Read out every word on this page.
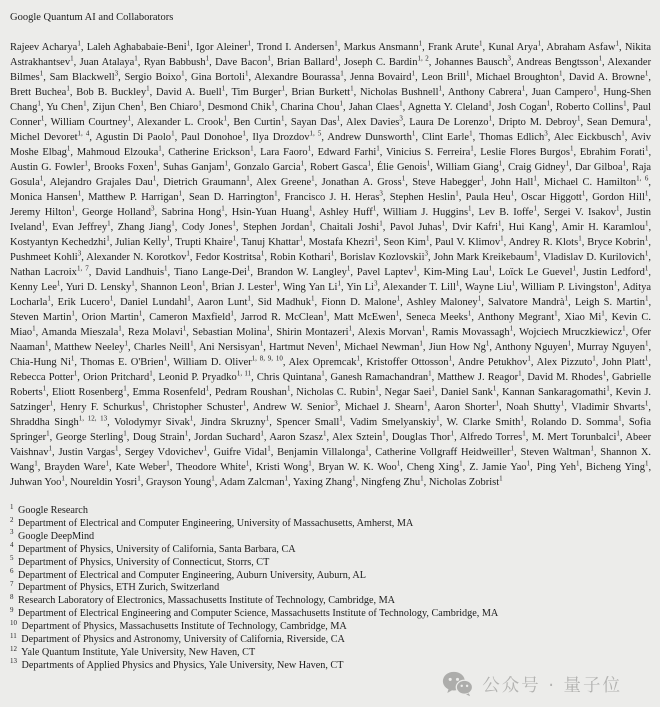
Google Quantum AI and Collaborators

Rajeev Acharya$^1$, Laleh Aghababaie-Beni$^1$, Igor Aleiner$^1$, Trond I. Andersen$^1$, Markus Ansmann$^1$, Frank Arute$^1$, Kunal Arya$^1$, Abraham Asfaw$^1$, Nikita Astrakhantsev$^1$, Juan Atalaya$^1$, Ryan Babbush$^1$, Dave Bacon$^1$, Brian Ballard$^1$, Joseph C. Bardin$^{1, 2}$, Johannes Bausch$^3$, Andreas Bengtsson$^1$, Alexander Bilmes$^1$, Sam Blackwell$^3$, Sergio Boixo$^1$, Gina Bortoli$^1$, Alexandre Bourassa$^1$, Jenna Bovaird$^1$, Leon Brill$^1$, Michael Broughton$^1$, David A. Browne$^1$, Brett Buchea$^1$, Bob B. Buckley$^1$, David A. Buell$^1$, Tim Burger$^1$, Brian Burkett$^1$, Nicholas Bushnell$^1$, Anthony Cabrera$^1$, Juan Campero$^1$, Hung-Shen Chang$^1$, Yu Chen$^1$, Zijun Chen$^1$, Ben Chiaro$^1$, Desmond Chik$^1$, Charina Chou$^1$, Jahan Claes$^1$, Agnetta Y. Cleland$^1$, Josh Cogan$^1$, Roberto Collins$^1$, Paul Conner$^1$, William Courtney$^1$, Alexander L. Crook$^1$, Ben Curtin$^1$, Sayan Das$^1$, Alex Davies$^3$, Laura De Lorenzo$^1$, Dripto M. Debroy$^1$, Sean Demura$^1$, Michel Devoret$^{1, 4}$, Agustin Di Paolo$^1$, Paul Donohoe$^1$, Ilya Drozdov$^{1, 5}$, Andrew Dunsworth$^1$, Clint Earle$^1$, Thomas Edlich$^3$, Alec Eickbusch$^1$, Aviv Moshe Elbag$^1$, Mahmoud Elzouka$^1$, Catherine Erickson$^1$, Lara Faoro$^1$, Edward Farhi$^1$, Vinicius S. Ferreira$^1$, Leslie Flores Burgos$^1$, Ebrahim Forati$^1$, Austin G. Fowler$^1$, Brooks Foxen$^1$, Suhas Ganjam$^1$, Gonzalo Garcia$^1$, Robert Gasca$^1$, Élie Genois$^1$, William Giang$^1$, Craig Gidney$^1$, Dar Gilboa$^1$, Raja Gosula$^1$, Alejandro Grajales Dau$^1$, Dietrich Graumann$^1$, Alex Greene$^1$, Jonathan A. Gross$^1$, Steve Habegger$^1$, John Hall$^1$, Michael C. Hamilton$^{1, 6}$, Monica Hansen$^1$, Matthew P. Harrigan$^1$, Sean D. Harrington$^1$, Francisco J. H. Heras$^3$, Stephen Heslin$^1$, Paula Heu$^1$, Oscar Higgott$^1$, Gordon Hill$^1$, Jeremy Hilton$^1$, George Holland$^3$, Sabrina Hong$^1$, Hsin-Yuan Huang$^1$, Ashley Huff$^1$, William J. Huggins$^1$, Lev B. Ioffe$^1$, Sergei V. Isakov$^1$, Justin Iveland$^1$, Evan Jeffrey$^1$, Zhang Jiang$^1$, Cody Jones$^1$, Stephen Jordan$^1$, Chaitali Joshi$^1$, Pavol Juhas$^1$, Dvir Kafri$^1$, Hui Kang$^1$, Amir H. Karamlou$^1$, Kostyantyn Kechedzhi$^1$, Julian Kelly$^1$, Trupti Khaire$^1$, Tanuj Khattar$^1$, Mostafa Khezri$^1$, Seon Kim$^1$, Paul V. Klimov$^1$, Andrey R. Klots$^1$, Bryce Kobrin$^1$, Pushmeet Kohli$^3$, Alexander N. Korotkov$^1$, Fedor Kostritsa$^1$, Robin Kothari$^1$, Borislav Kozlovskii$^3$, John Mark Kreikebaum$^1$, Vladislav D. Kurilovich$^1$, Nathan Lacroix$^{1, 7}$, David Landhuis$^1$, Tiano Lange-Dei$^1$, Brandon W. Langley$^1$, Pavel Laptev$^1$, Kim-Ming Lau$^1$, Loïck Le Guevel$^1$, Justin Ledford$^1$, Kenny Lee$^1$, Yuri D. Lensky$^1$, Shannon Leon$^1$, Brian J. Lester$^1$, Wing Yan Li$^1$, Yin Li$^3$, Alexander T. Lill$^1$, Wayne Liu$^1$, William P. Livingston$^1$, Aditya Locharla$^1$, Erik Lucero$^1$, Daniel Lundahl$^1$, Aaron Lunt$^1$, Sid Madhuk$^1$, Fionn D. Malone$^1$, Ashley Maloney$^1$, Salvatore Mandrà$^1$, Leigh S. Martin$^1$, Steven Martin$^1$, Orion Martin$^1$, Cameron Maxfield$^1$, Jarrod R. McClean$^1$, Matt McEwen$^1$, Seneca Meeks$^1$, Anthony Megrant$^1$, Xiao Mi$^1$, Kevin C. Miao$^1$, Amanda Mieszala$^1$, Reza Molavi$^1$, Sebastian Molina$^1$, Shirin Montazeri$^1$, Alexis Morvan$^1$, Ramis Movassagh$^1$, Wojciech Mruczkiewicz$^1$, Ofer Naaman$^1$, Matthew Neeley$^1$, Charles Neill$^1$, Ani Nersisyan$^1$, Hartmut Neven$^1$, Michael Newman$^1$, Jiun How Ng$^1$, Anthony Nguyen$^1$, Murray Nguyen$^1$, Chia-Hung Ni$^1$, Thomas E. O'Brien$^1$, William D. Oliver$^{1, 8, 9, 10}$, Alex Opremcak$^1$, Kristoffer Ottosson$^1$, Andre Petukhov$^1$, Alex Pizzuto$^1$, John Platt$^1$, Rebecca Potter$^1$, Orion Pritchard$^1$, Leonid P. Pryadko$^{1, 11}$, Chris Quintana$^1$, Ganesh Ramachandran$^1$, Matthew J. Reagor$^1$, David M. Rhodes$^1$, Gabrielle Roberts$^1$, Eliott Rosenberg$^1$, Emma Rosenfeld$^1$, Pedram Roushan$^1$, Nicholas C. Rubin$^1$, Negar Saei$^1$, Daniel Sank$^1$, Kannan Sankaragomathi$^1$, Kevin J. Satzinger$^1$, Henry F. Schurkus$^1$, Christopher Schuster$^1$, Andrew W. Senior$^3$, Michael J. Shearn$^1$, Aaron Shorter$^1$, Noah Shutty$^1$, Vladimir Shvarts$^1$, Shraddha Singh$^{1, 12, 13}$, Volodymyr Sivak$^1$, Jindra Skruzny$^1$, Spencer Small$^1$, Vadim Smelyanskiy$^1$, W. Clarke Smith$^1$, Rolando D. Somma$^1$, Sofia Springer$^1$, George Sterling$^1$, Doug Strain$^1$, Jordan Suchard$^1$, Aaron Szasz$^1$, Alex Sztein$^1$, Douglas Thor$^1$, Alfredo Torres$^1$, M. Mert Torunbalci$^1$, Abeer Vaishnav$^1$, Justin Vargas$^1$, Sergey Vdovichev$^1$, Guifre Vidal$^1$, Benjamin Villalonga$^1$, Catherine Vollgraff Heidweiller$^1$, Steven Waltman$^1$, Shannon X. Wang$^1$, Brayden Ware$^1$, Kate Weber$^1$, Theodore White$^1$, Kristi Wong$^1$, Bryan W. K. Woo$^1$, Cheng Xing$^1$, Z. Jamie Yao$^1$, Ping Yeh$^1$, Bicheng Ying$^1$, Juhwan Yoo$^1$, Noureldin Yosri$^1$, Grayson Young$^1$, Adam Zalcman$^1$, Yaxing Zhang$^1$, Ningfeng Zhu$^1$, Nicholas Zobrist$^1$

$^1$ Google Research
$^2$ Department of Electrical and Computer Engineering, University of Massachusetts, Amherst, MA
$^3$ Google DeepMind
$^4$ Department of Physics, University of California, Santa Barbara, CA
$^5$ Department of Physics, University of Connecticut, Storrs, CT
$^6$ Department of Electrical and Computer Engineering, Auburn University, Auburn, AL
$^7$ Department of Physics, ETH Zurich, Switzerland
$^8$ Research Laboratory of Electronics, Massachusetts Institute of Technology, Cambridge, MA
$^9$ Department of Electrical Engineering and Computer Science, Massachusetts Institute of Technology, Cambridge, MA
$^{10}$ Department of Physics, Massachusetts Institute of Technology, Cambridge, MA
$^{11}$ Department of Physics and Astronomy, University of California, Riverside, CA
$^{12}$ Yale Quantum Institute, Yale University, New Haven, CT
$^{13}$ Departments of Applied Physics and Physics, Yale University, New Haven, CT
公众号 · 量子位
